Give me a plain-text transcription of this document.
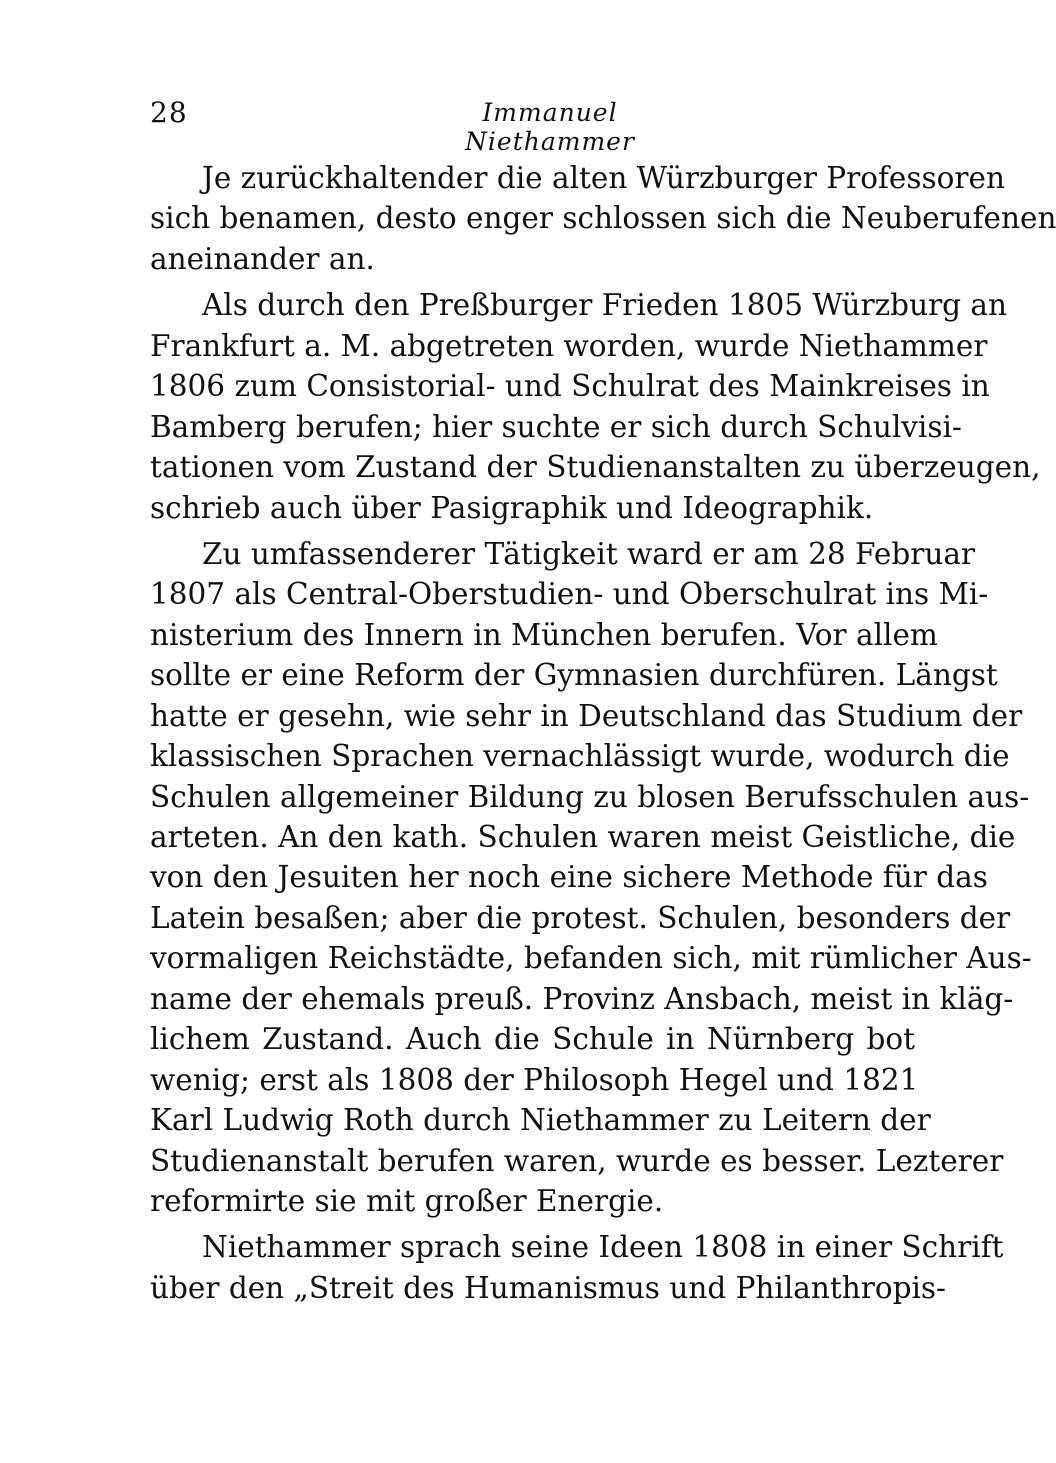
28	Immanuel Niethammer
Je zurückhaltender die alten Würzburger Professoren
sich benamen, desto enger schlossen sich die Neuberufenen
aneinander an.
Als durch den Preßburger Frieden 1805 Würzburg an
Frankfurt a. M. abgetreten worden, wurde Niethammer
1806 zum Consistorial- und Schulrat des Mainkreises in
Bamberg berufen; hier suchte er sich durch Schulvisi-
tationen vom Zustand der Studienanstalten zu überzeugen,
schrieb auch über Pasigraphik und Ideographik.
Zu umfassenderer Tätigkeit ward er am 28 Februar
1807 als Central-Oberstudien- und Oberschulrat ins Mi-
nisterium des Innern in München berufen. Vor allem
sollte er eine Reform der Gymnasien durchfüren. Längst
hatte er gesehn, wie sehr in Deutschland das Studium der
klassischen Sprachen vernachlässigt wurde, wodurch die
Schulen allgemeiner Bildung zu blosen Berufsschulen aus-
arteten. An den kath. Schulen waren meist Geistliche, die
von den Jesuiten her noch eine sichere Methode für das
Latein besaßen; aber die protest. Schulen, besonders der
vormaligen Reichstädte, befanden sich, mit rümlicher Aus-
name der ehemals preuß. Provinz Ansbach, meist in kläg-
lichem Zustand. Auch die Schule in Nürnberg bot
wenig; erst als 1808 der Philosoph Hegel und 1821
Karl Ludwig Roth durch Niethammer zu Leitern der
Studienanstalt berufen waren, wurde es besser. Lezterer
reformirte sie mit großer Energie.
Niethammer sprach seine Ideen 1808 in einer Schrift
über den „Streit des Humanismus und Philanthropis-
